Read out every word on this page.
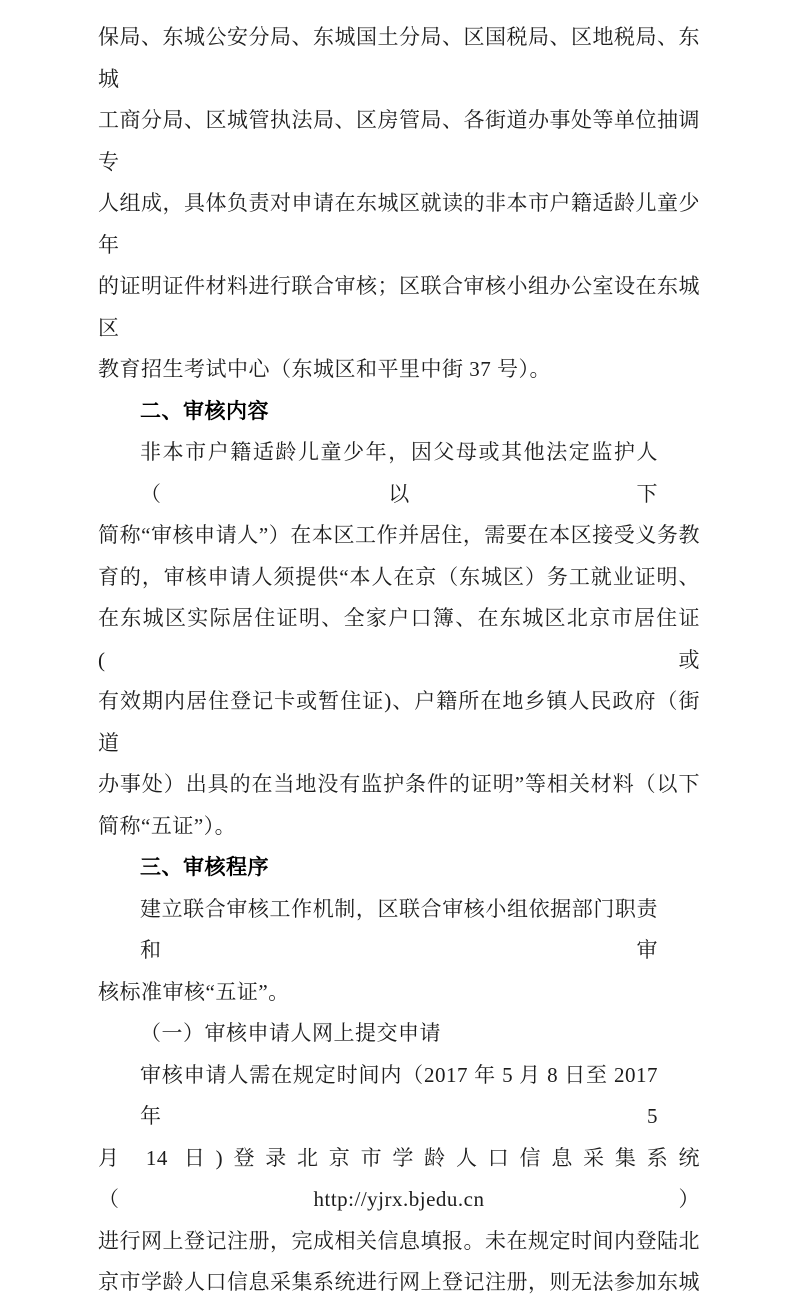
保局、东城公安分局、东城国土分局、区国税局、区地税局、东城
工商分局、区城管执法局、区房管局、各街道办事处等单位抽调专
人组成，具体负责对申请在东城区就读的非本市户籍适龄儿童少年
的证明证件材料进行联合审核；区联合审核小组办公室设在东城区
教育招生考试中心（东城区和平里中街 37 号）。
二、审核内容
非本市户籍适龄儿童少年，因父母或其他法定监护人（以下
简称“审核申请人”）在本区工作并居住，需要在本区接受义务教
育的，审核申请人须提供“本人在京（东城区）务工就业证明、
在东城区实际居住证明、全家户口簿、在东城区北京市居住证(或
有效期内居住登记卡或暂住证)、户籍所在地乡镇人民政府（街道
办事处）出具的在当地没有监护条件的证明”等相关材料（以下
简称“五证”）。
三、审核程序
建立联合审核工作机制，区联合审核小组依据部门职责和审
核标准审核“五证”。
（一）审核申请人网上提交申请
审核申请人需在规定时间内（2017 年 5 月 8 日至 2017 年 5
月 14 日)登录北京市学龄人口信息采集系统（http://yjrx.bjedu.cn）
进行网上登记注册，完成相关信息填报。未在规定时间内登陆北
京市学龄人口信息采集系统进行网上登记注册，则无法参加东城
